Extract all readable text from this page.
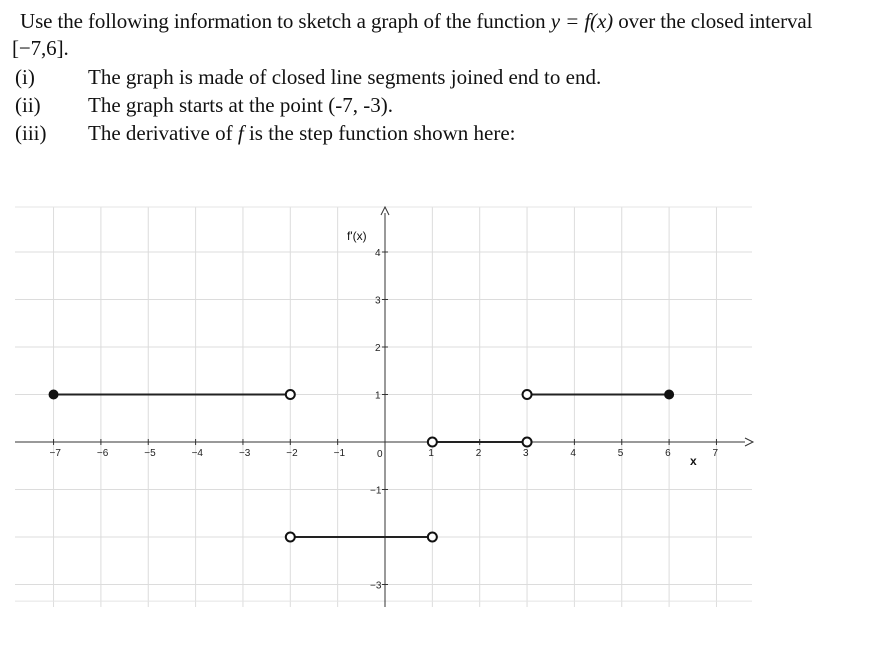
Use the following information to sketch a graph of the function y = f(x) over the closed interval
[−7,6].
(i)	The graph is made of closed line segments joined end to end.
(ii)	The graph starts at the point (-7, -3).
(iii)	The derivative of f is the step function shown here:
−7	−6	−5	−4	−3	−2	−1	0	1	2	3	4	5	6	7
−3
−1
1
2
3
4
f'(x)
x
